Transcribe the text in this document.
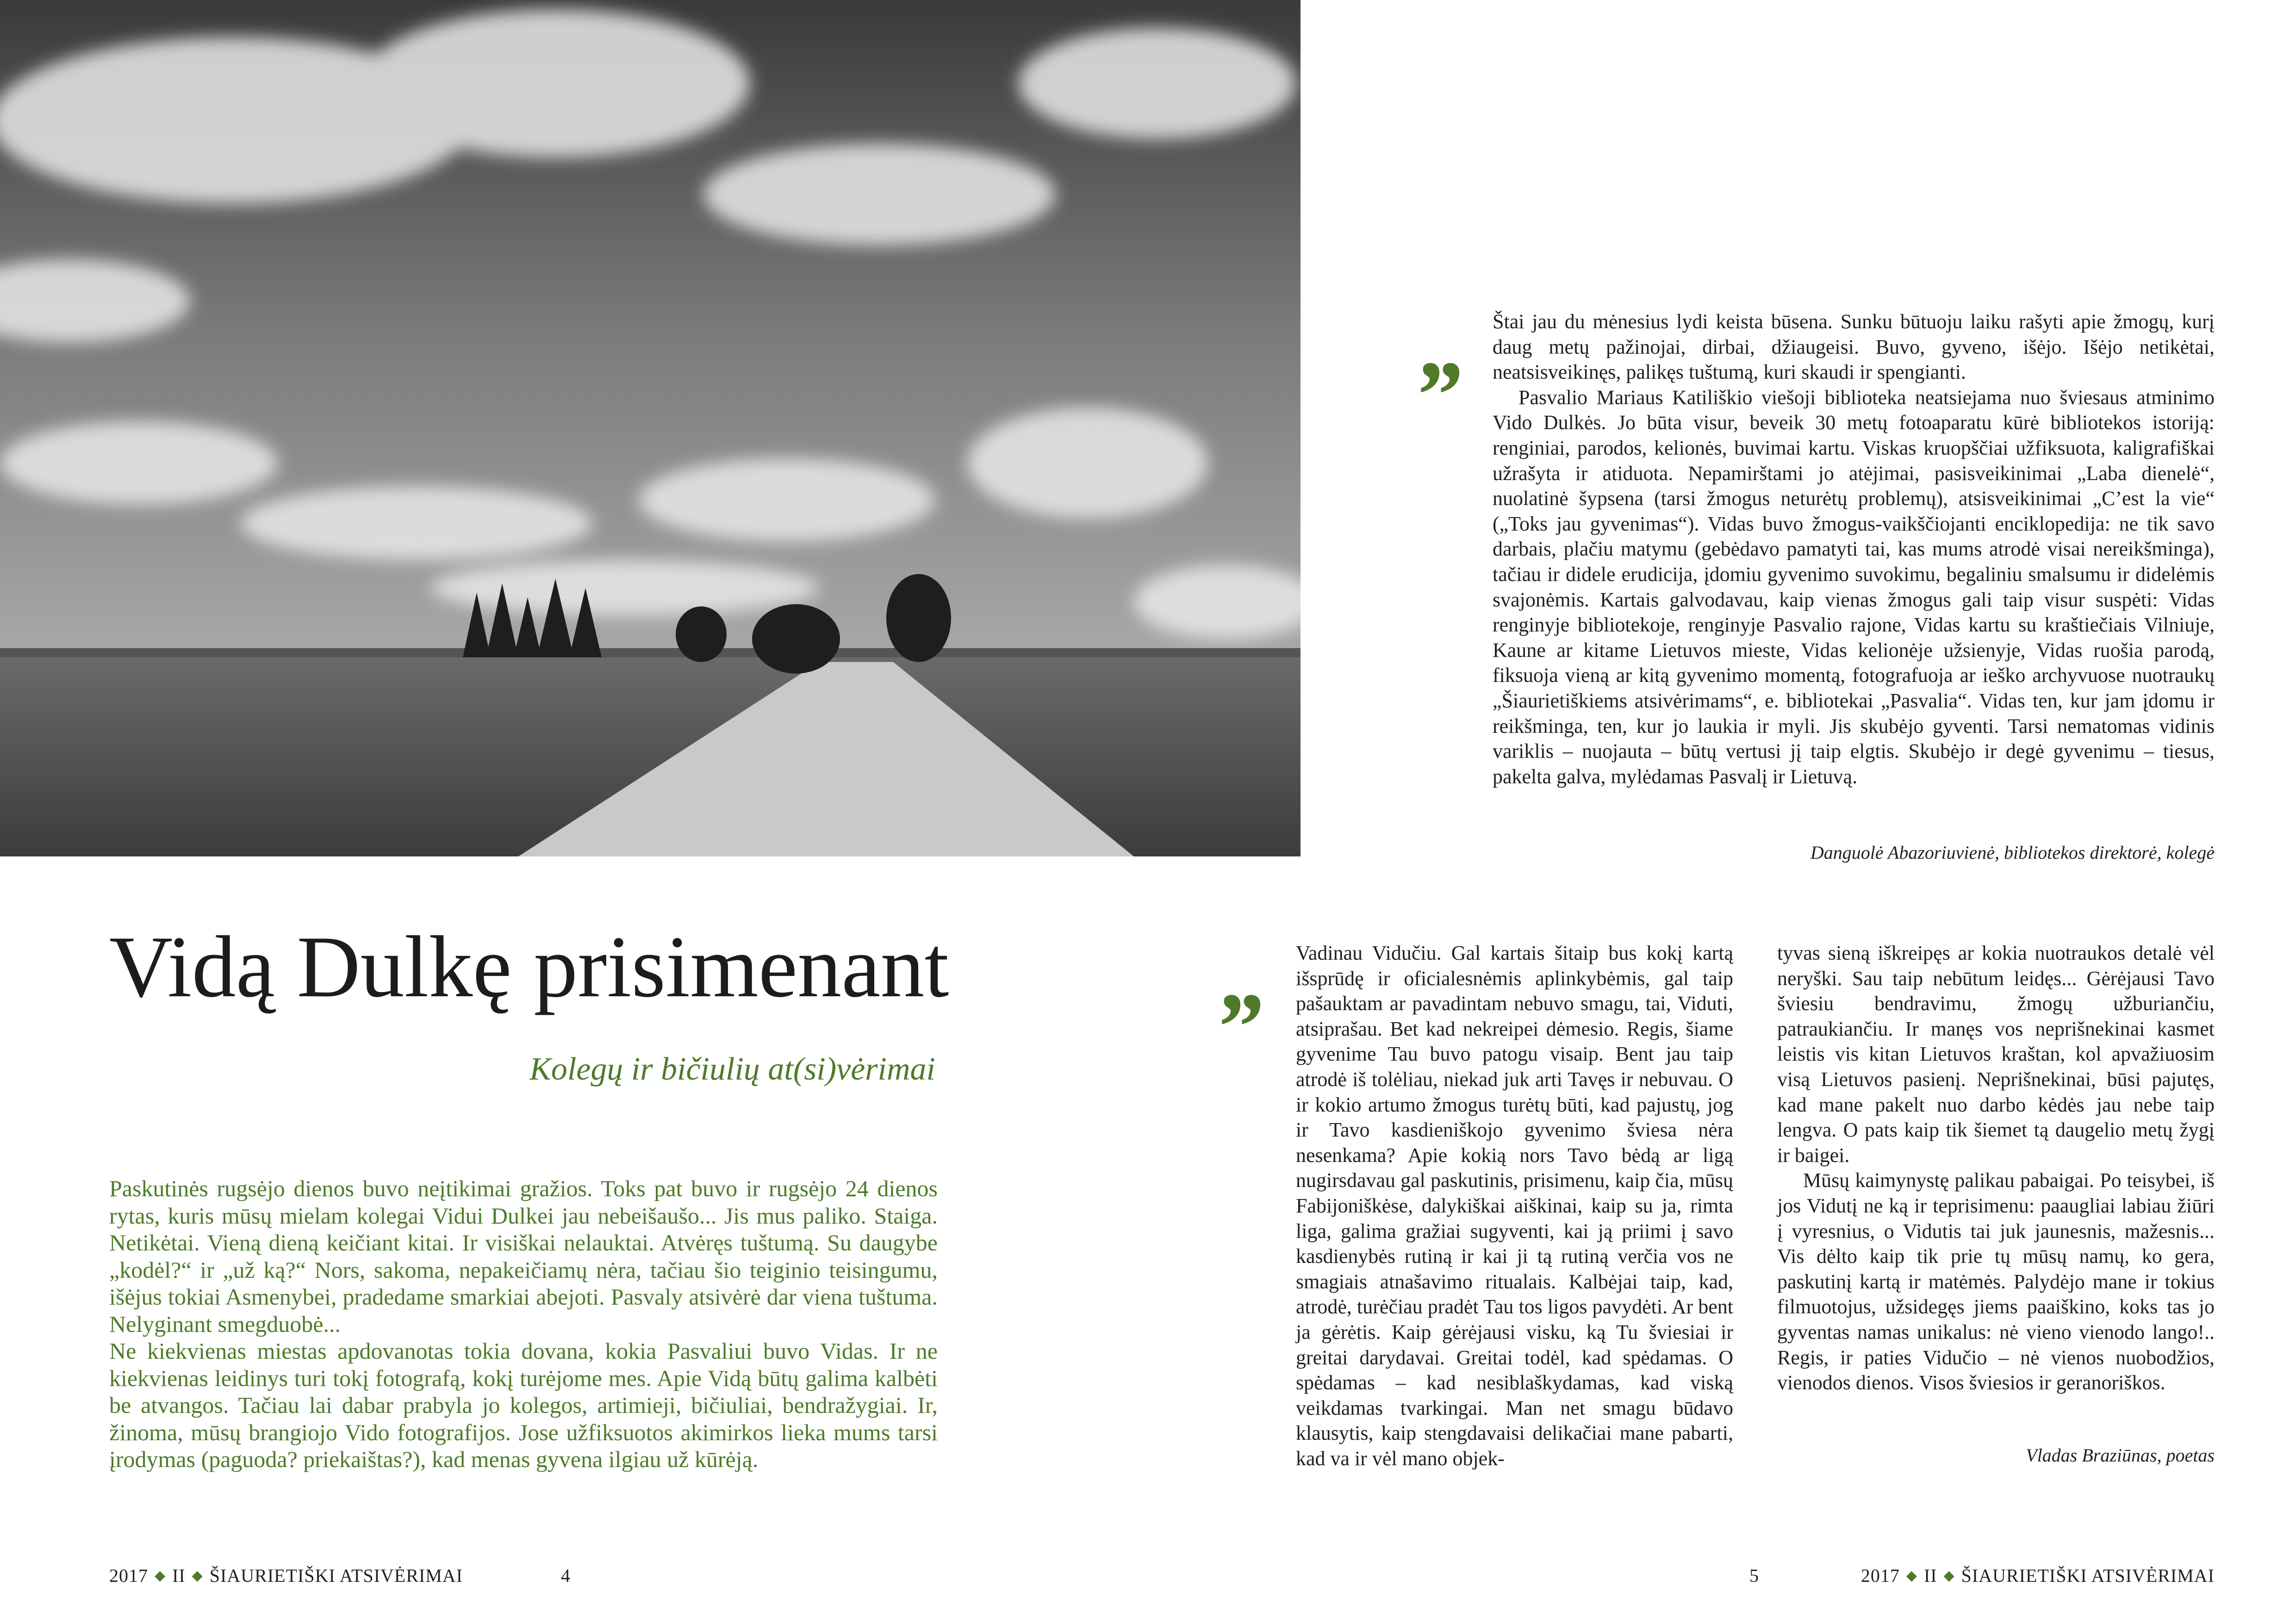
„ Štai jau du mėnesius lydi keista būsena. Sunku būtuoju laiku rašyti apie žmogų, kurį daug metų pažinojai, dirbai, džiaugeisi. Buvo, gyveno, išėjo. Išėjo netikėtai, neatsisveikinęs, palikęs tuštumą, kuri skaudi ir spengianti.

Pasvalio Mariaus Katiliškio viešoji biblioteka neatsiejama nuo šviesaus atminimo Vido Dulkės. Jo būta visur, beveik 30 metų fotoaparatu kūrė bibliotekos istoriją: renginiai, parodos, kelionės, buvimai kartu. Viskas kruopščiai užfiksuota, kaligrafiškai užrašyta ir atiduota. Nepamirštami jo atėjimai, pasisveikinimai „Laba dienelė“, nuolatinė šypsena (tarsi žmogus neturėtų problemų), atsisveikinimai „C’est la vie“ („Toks jau gyvenimas“). Vidas buvo žmogus-vaikščiojanti enciklopedija: ne tik savo darbais, plačiu matymu (gebėdavo pamatyti tai, kas mums atrodė visai nereikšminga), tačiau ir didele erudicija, įdomiu gyvenimo suvokimu, begaliniu smalsumu ir didelėmis svajonėmis. Kartais galvodavau, kaip vienas žmogus gali taip visur suspėti: Vidas renginyje bibliotekoje, renginyje Pasvalio rajone, Vidas kartu su kraštiečiais Vilniuje, Kaune ar kitame Lietuvos mieste, Vidas kelionėje užsienyje, Vidas ruošia parodą, fiksuoja vieną ar kitą gyvenimo momentą, fotografuoja ar ieško archyvuose nuotraukų „Šiaurietiškiems atsivėrimams“, e. bibliotekai „Pasvalia“. Vidas ten, kur jam įdomu ir reikšminga, ten, kur jo laukia ir myli. Jis skubėjo gyventi. Tarsi nematomas vidinis variklis – nuojauta – būtų vertusi jį taip elgtis. Skubėjo ir degė gyvenimu – tiesus, pakelta galva, mylėdamas Pasvalį ir Lietuvą.

Danguolė Abazoriuvienė, bibliotekos direktorė, kolegė
Vidą Dulkę prisimenant
Kolegų ir bičiulių at(si)vėrimai

Paskutinės rugsėjo dienos buvo neįtikimai gražios. Toks pat buvo ir rugsėjo 24 dienos rytas, kuris mūsų mielam kolegai Vidui Dulkei jau nebeišaušo... Jis mus paliko. Staiga. Netikėtai. Vieną dieną keičiant kitai. Ir visiškai nelauktai. Atvėręs tuštumą. Su daugybe „kodėl?“ ir „už ką?“ Nors, sakoma, nepakeičiamų nėra, tačiau šio teiginio teisingumu, išėjus tokiai Asmenybei, pradedame smarkiai abejoti. Pasvaly atsivėrė dar viena tuštuma. Nelyginant smegduobė...

Ne kiekvienas miestas apdovanotas tokia dovana, kokia Pasvaliui buvo Vidas. Ir ne kiekvienas leidinys turi tokį fotografą, kokį turėjome mes. Apie Vidą būtų galima kalbėti be atvangos. Tačiau lai dabar prabyla jo kolegos, artimieji, bičiuliai, bendražygiai. Ir, žinoma, mūsų brangiojo Vido fotografijos. Jose užfiksuotos akimirkos lieka mums tarsi įrodymas (paguoda? priekaištas?), kad menas gyvena ilgiau už kūrėją.

„ Vadinau Vidučiu. Gal kartais šitaip bus kokį kartą išsprūdę ir oficialesnėmis aplinkybėmis, gal taip pašauktam ar pavadintam nebuvo smagu, tai, Viduti, atsiprašau. Bet kad nekreipei dėmesio. Regis, šiame gyvenime Tau buvo patogu visaip. Bent jau taip atrodė iš tolėliau, niekad juk arti Tavęs ir nebuvau. O ir kokio artumo žmogus turėtų būti, kad pajustų, jog ir Tavo kasdieniškojo gyvenimo šviesa nėra nesenkama? Apie kokią nors Tavo bėdą ar ligą nugirsdavau gal paskutinis, prisimenu, kaip čia, mūsų Fabijoniškėse, dalykiškai aiškinai, kaip su ja, rimta liga, galima gražiai sugyventi, kai ją priimi į savo kasdienybės rutiną ir kai ji tą rutiną verčia vos ne smagiais atnašavimo ritualais. Kalbėjai taip, kad, atrodė, turėčiau pradėt Tau tos ligos pavydėti. Ar bent ja gėrėtis. Kaip gėrėjausi visku, ką Tu šviesiai ir greitai darydavai. Greitai todėl, kad spėdamas. O spėdamas – kad nesiblaškydamas, kad viską veikdamas tvarkingai. Man net smagu būdavo klausytis, kaip stengdavaisi delikačiai mane pabarti, kad va ir vėl mano objek-

tyvas sieną iškreipęs ar kokia nuotraukos detalė vėl neryški. Sau taip nebūtum leidęs... Gėrėjausi Tavo šviesiu bendravimu, žmogų užburiančiu, patraukiančiu. Ir manęs vos neprišnekinai kasmet leistis vis kitan Lietuvos kraštan, kol apvažiuosim visą Lietuvos pasienį. Neprišnekinai, būsi pajutęs, kad mane pakelt nuo darbo kėdės jau nebe taip lengva. O pats kaip tik šiemet tą daugelio metų žygį ir baigei.

Mūsų kaimynystę palikau pabaigai. Po teisybei, iš jos Vidutį ne ką ir teprisimenu: paaugliai labiau žiūri į vyresnius, o Vidutis tai juk jaunesnis, mažesnis... Vis dėlto kaip tik prie tų mūsų namų, ko gera, paskutinį kartą ir matėmės. Palydėjo mane ir tokius filmuotojus, užsidegęs jiems paaiškino, koks tas jo gyventas namas unikalus: nė vieno vienodo lango!.. Regis, ir paties Vidučio – nė vienos nuobodžios, vienodos dienos. Visos šviesios ir geranoriškos.

Vladas Braziūnas, poetas
2017 ◆ II ◆ ŠIAURIETIŠKI ATSIVĖRIMAI	4	5	2017 ◆ II ◆ ŠIAURIETIŠKI ATSIVĖRIMAI
